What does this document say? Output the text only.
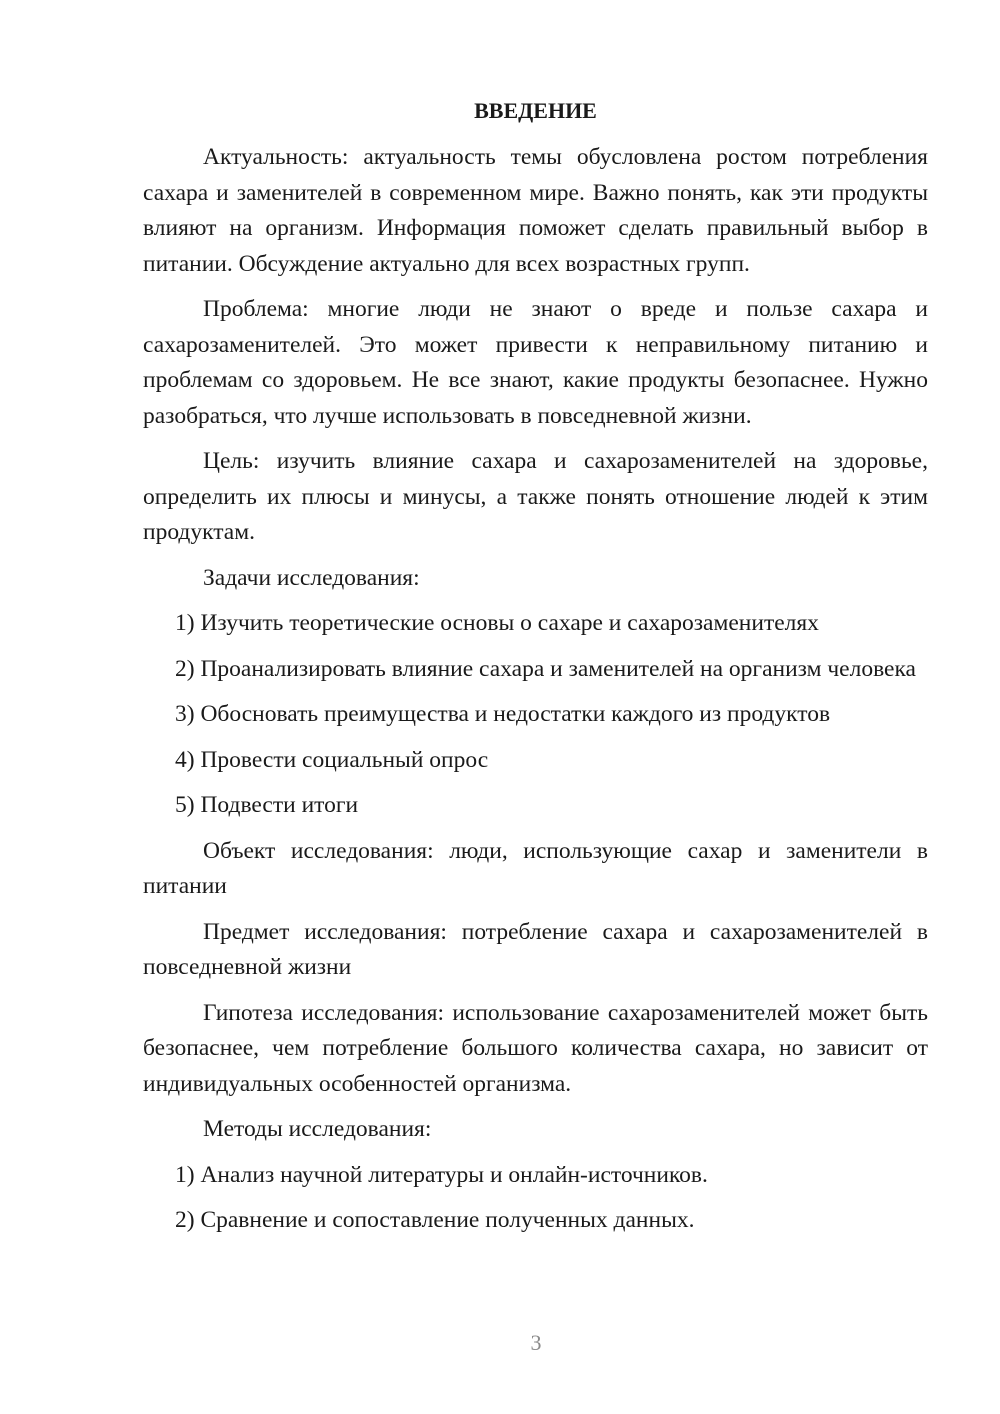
ВВЕДЕНИЕ

Актуальность: актуальность темы обусловлена ростом потребления сахара и заменителей в современном мире. Важно понять, как эти продукты влияют на организм. Информация поможет сделать правильный выбор в питании. Обсуждение актуально для всех возрастных групп.

Проблема: многие люди не знают о вреде и пользе сахара и сахарозаменителей. Это может привести к неправильному питанию и проблемам со здоровьем. Не все знают, какие продукты безопаснее. Нужно разобраться, что лучше использовать в повседневной жизни.

Цель: изучить влияние сахара и сахарозаменителей на здоровье, определить их плюсы и минусы, а также понять отношение людей к этим продуктам.

Задачи исследования:

1) Изучить теоретические основы о сахаре и сахарозаменителях

2) Проанализировать влияние сахара и заменителей на организм человека

3) Обосновать преимущества и недостатки каждого из продуктов

4) Провести социальный опрос

5) Подвести итоги

Объект исследования: люди, использующие сахар и заменители в питании

Предмет исследования: потребление сахара и сахарозаменителей в повседневной жизни

Гипотеза исследования: использование сахарозаменителей может быть безопаснее, чем потребление большого количества сахара, но зависит от индивидуальных особенностей организма.

Методы исследования:

1) Анализ научной литературы и онлайн-источников.

2) Сравнение и сопоставление полученных данных.

3
